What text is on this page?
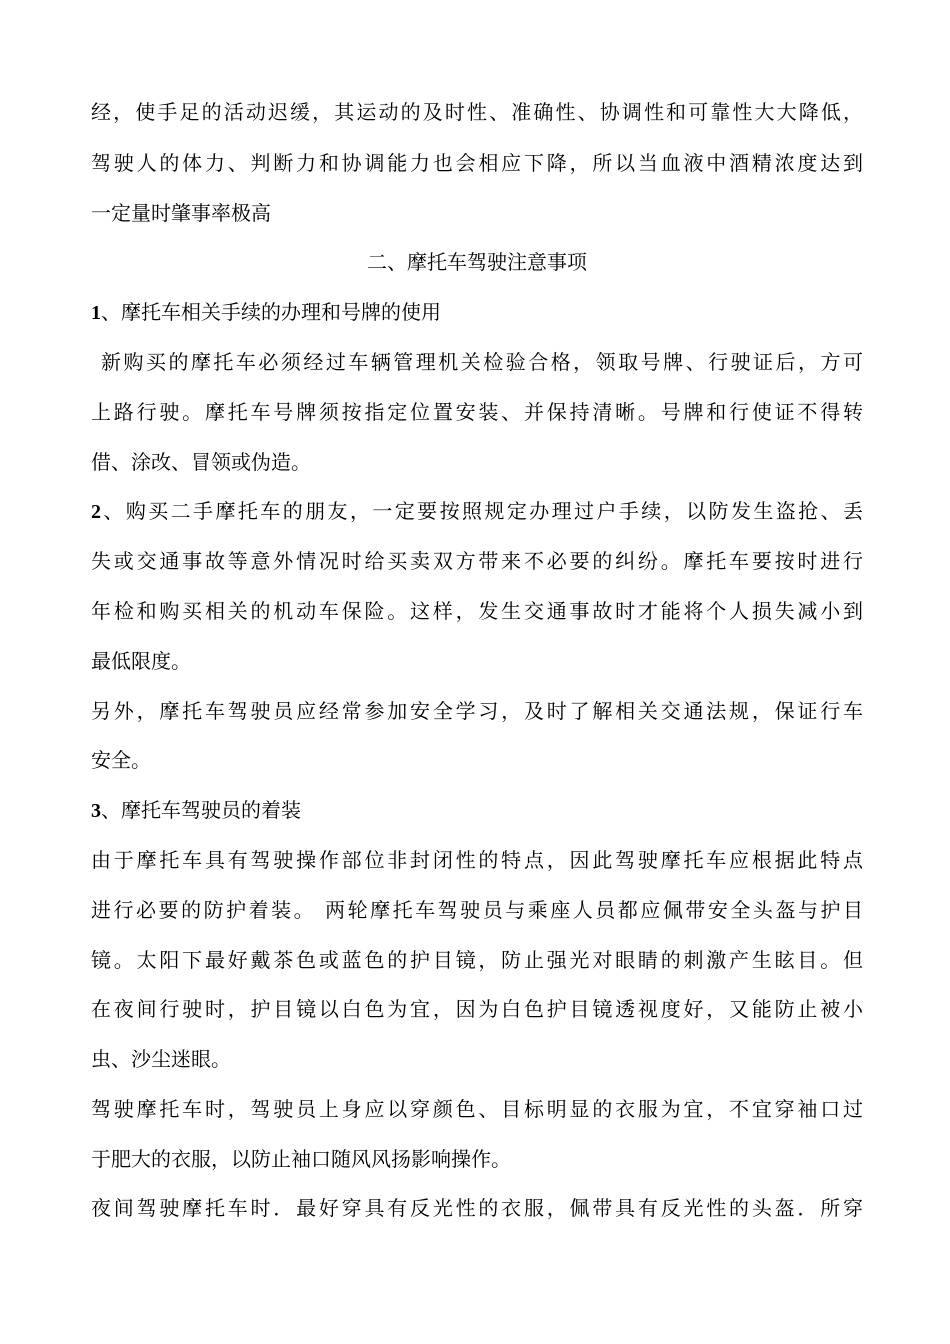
经，使手足的活动迟缓，其运动的及时性、准确性、协调性和可靠性大大降低，
驾驶人的体力、判断力和协调能力也会相应下降，所以当血液中酒精浓度达到
一定量时肇事率极高
二、摩托车驾驶注意事项
1、摩托车相关手续的办理和号牌的使用
新购买的摩托车必须经过车辆管理机关检验合格，领取号牌、行驶证后，方可
上路行驶。摩托车号牌须按指定位置安装、并保持清晰。号牌和行使证不得转
借、涂改、冒领或伪造。
2、购买二手摩托车的朋友，一定要按照规定办理过户手续，以防发生盗抢、丢
失或交通事故等意外情况时给买卖双方带来不必要的纠纷。摩托车要按时进行
年检和购买相关的机动车保险。这样，发生交通事故时才能将个人损失减小到
最低限度。
另外，摩托车驾驶员应经常参加安全学习，及时了解相关交通法规，保证行车
安全。
3、摩托车驾驶员的着装
由于摩托车具有驾驶操作部位非封闭性的特点，因此驾驶摩托车应根据此特点
进行必要的防护着装。 两轮摩托车驾驶员与乘座人员都应佩带安全头盔与护目
镜。太阳下最好戴茶色或蓝色的护目镜，防止强光对眼睛的刺激产生眩目。但
在夜间行驶时，护目镜以白色为宜，因为白色护目镜透视度好，又能防止被小
虫、沙尘迷眼。
驾驶摩托车时，驾驶员上身应以穿颜色、目标明显的衣服为宜，不宜穿袖口过
于肥大的衣服，以防止袖口随风风扬影响操作。
夜间驾驶摩托车时．最好穿具有反光性的衣服，佩带具有反光性的头盔．所穿
